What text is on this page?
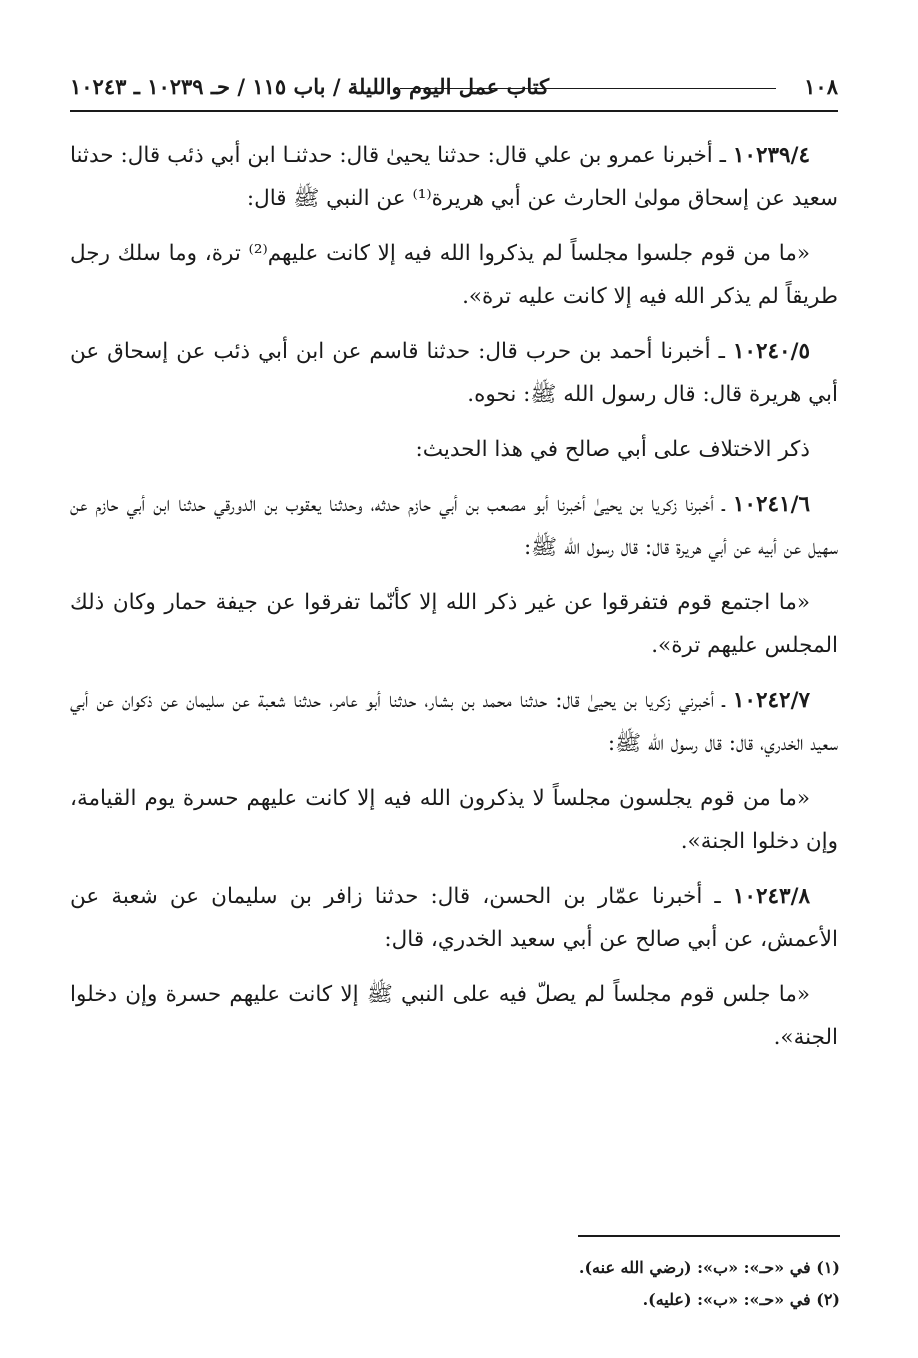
١٠٨
كتاب عمل اليوم والليلة / باب ١١٥ / حـ ١٠٢٣٩ ـ ١٠٢٤٣

١٠٢٣٩/٤ ـ أخبرنا عمرو بن علي قال: حدثنا يحيىٰ قال: حدثنـا ابن أبي ذئب قال: حدثنا سعيد عن إسحاق مولىٰ الحارث عن أبي هريرة⁽¹⁾ عن النبي ﷺ قال:

«ما من قوم جلسوا مجلساً لم يذكروا الله فيه إلا كانت عليهم⁽²⁾ ترة، وما سلك رجل طريقاً لم يذكر الله فيه إلا كانت عليه ترة».

١٠٢٤٠/٥ ـ أخبرنا أحمد بن حرب قال: حدثنا قاسم عن ابن أبي ذئب عن إسحاق عن أبي هريرة قال: قال رسول الله ﷺ: نحوه.

ذكر الاختلاف على أبي صالح في هذا الحديث:

١٠٢٤١/٦ ـ أخبرنا زكريا بن يحيىٰ أخبرنا أبو مصعب بن أبي حازم حدثه، وحدثنا يعقوب بن الدورقي حدثنا ابن أبي حازم عن سهيل عن أبيه عن أبي هريرة قال: قال رسول الله ﷺ:

«ما اجتمع قوم فتفرقوا عن غير ذكر الله إلا كأنّما تفرقوا عن جيفة حمار وكان ذلك المجلس عليهم ترة».

١٠٢٤٢/٧ ـ أخبرني زكريا بن يحيىٰ قال: حدثنا محمد بن بشار، حدثنا أبو عامر، حدثنا شعبة عن سليمان عن ذكوان عن أبي سعيد الخدري، قال: قال رسول الله ﷺ:

«ما من قوم يجلسون مجلساً لا يذكرون الله فيه إلا كانت عليهم حسرة يوم القيامة، وإن دخلوا الجنة».

١٠٢٤٣/٨ ـ أخبرنا عمّار بن الحسن، قال: حدثنا زافر بن سليمان عن شعبة عن الأعمش، عن أبي صالح عن أبي سعيد الخدري، قال:

«ما جلس قوم مجلساً لم يصلّ فيه على النبي ﷺ إلا كانت عليهم حسرة وإن دخلوا الجنة».

(١) في «حـ»: «ب»: (رضي الله عنه).
(٢) في «حـ»: «ب»: (عليه).
